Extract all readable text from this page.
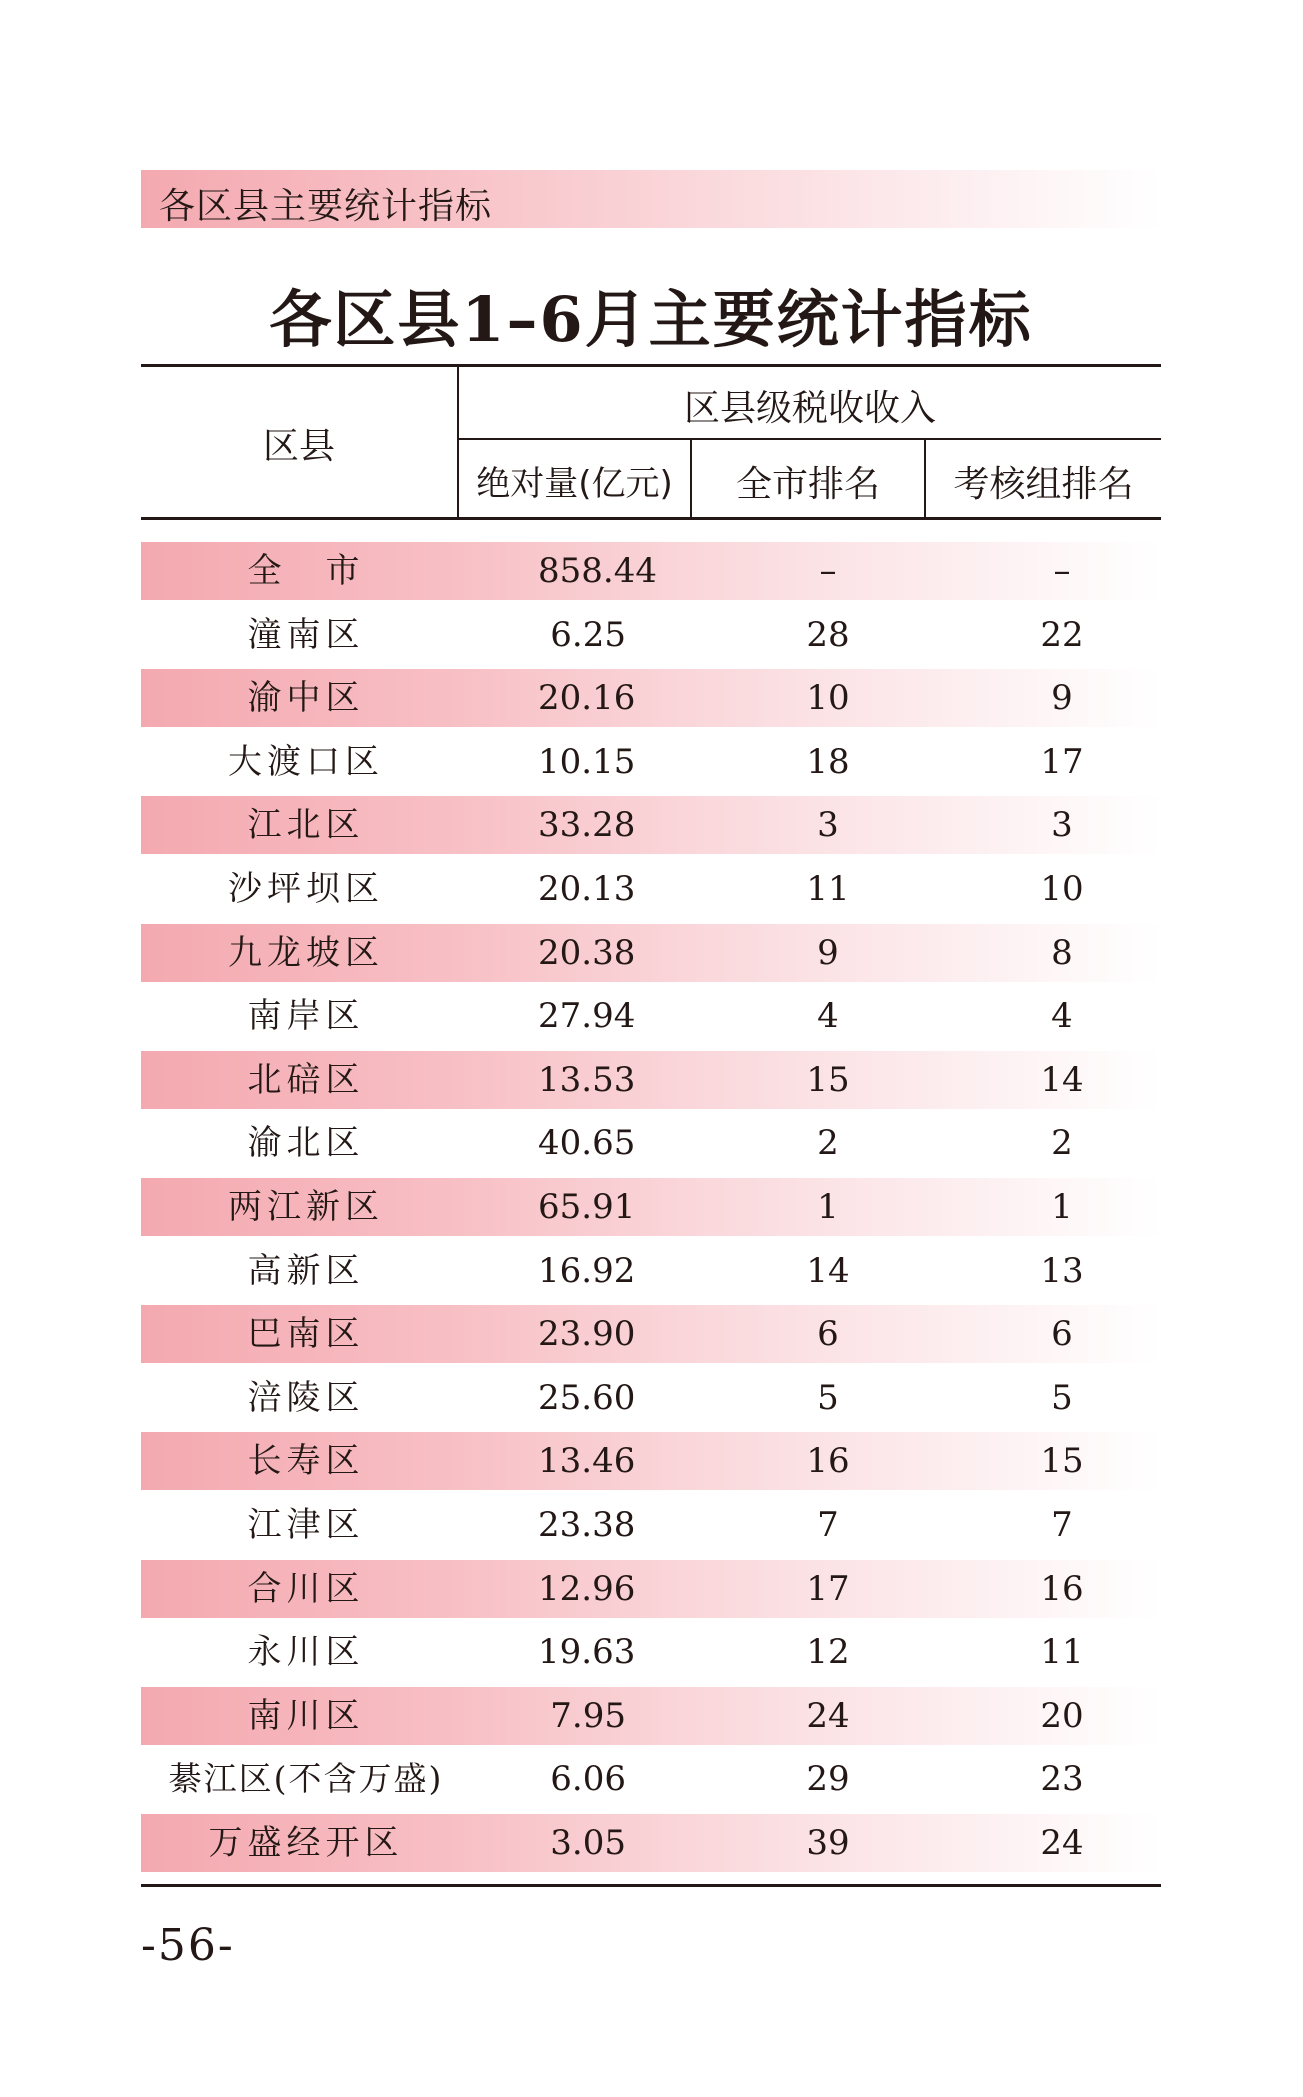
各区县主要统计指标
各区县1–6月主要统计指标
区县
区县级税收收入
绝对量(亿元)	全市排名	考核组排名
全　市	858.44	–	–
潼南区	6.25	28	22
渝中区	20.16	10	9
大渡口区	10.15	18	17
江北区	33.28	3	3
沙坪坝区	20.13	11	10
九龙坡区	20.38	9	8
南岸区	27.94	4	4
北碚区	13.53	15	14
渝北区	40.65	2	2
两江新区	65.91	1	1
高新区	16.92	14	13
巴南区	23.90	6	6
涪陵区	25.60	5	5
长寿区	13.46	16	15
江津区	23.38	7	7
合川区	12.96	17	16
永川区	19.63	12	11
南川区	7.95	24	20
綦江区(不含万盛)	6.06	29	23
万盛经开区	3.05	39	24
-56-
